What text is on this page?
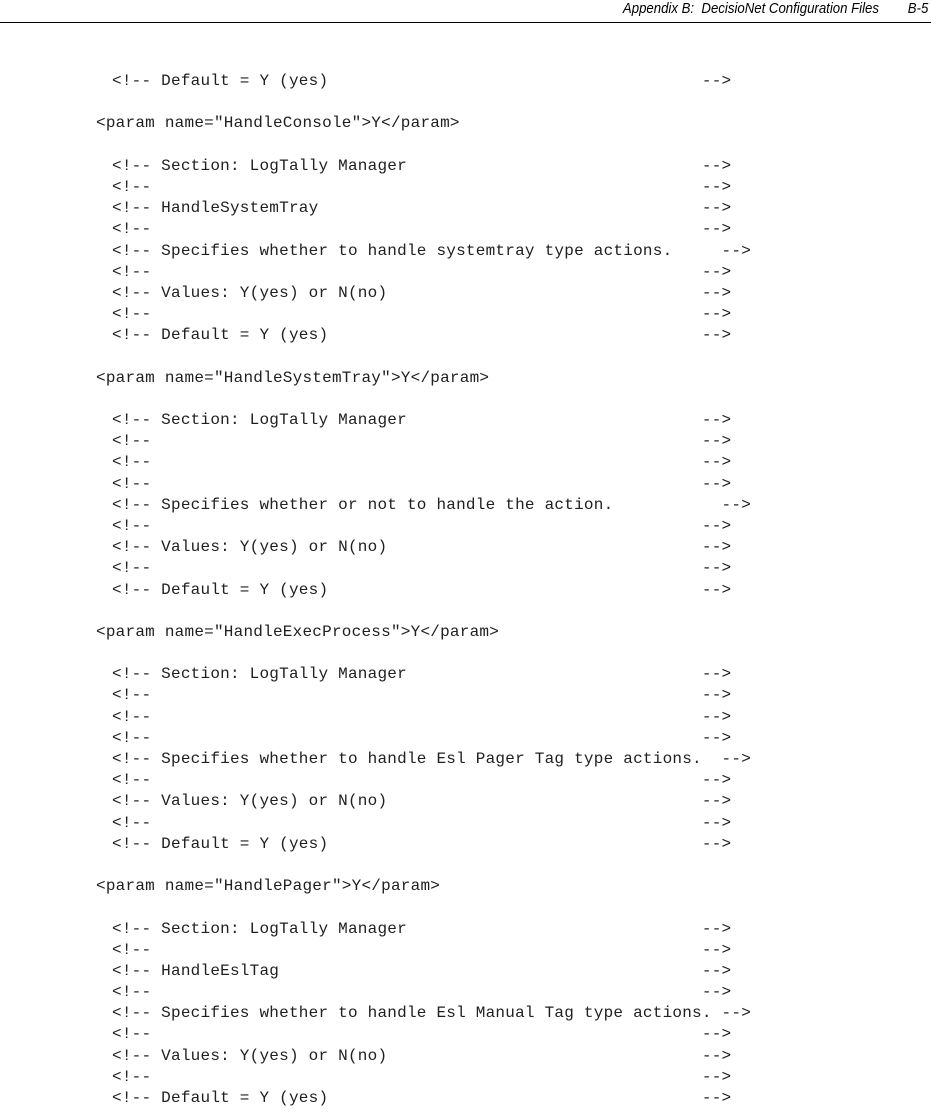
Appendix B:  DecisioNet Configuration Files B-5
<!-- Default = Y (yes)                                      -->
<param name="HandleConsole">Y</param>
<!-- Section: LogTally Manager                              -->
<!--                                                        -->
<!-- HandleSystemTray                                       -->
<!--                                                        -->
<!-- Specifies whether to handle systemtray type actions.     -->
<!--                                                        -->
<!-- Values: Y(yes) or N(no)                                -->
<!--                                                        -->
<!-- Default = Y (yes)                                      -->
<param name="HandleSystemTray">Y</param>
<!-- Section: LogTally Manager                              -->
<!--                                                        -->
<!--                                                        -->
<!--                                                        -->
<!-- Specifies whether or not to handle the action.           -->
<!--                                                        -->
<!-- Values: Y(yes) or N(no)                                -->
<!--                                                        -->
<!-- Default = Y (yes)                                      -->
<param name="HandleExecProcess">Y</param>
<!-- Section: LogTally Manager                              -->
<!--                                                        -->
<!--                                                        -->
<!--                                                        -->
<!-- Specifies whether to handle Esl Pager Tag type actions.  -->
<!--                                                        -->
<!-- Values: Y(yes) or N(no)                                -->
<!--                                                        -->
<!-- Default = Y (yes)                                      -->
<param name="HandlePager">Y</param>
<!-- Section: LogTally Manager                              -->
<!--                                                        -->
<!-- HandleEslTag                                           -->
<!--                                                        -->
<!-- Specifies whether to handle Esl Manual Tag type actions. -->
<!--                                                        -->
<!-- Values: Y(yes) or N(no)                                -->
<!--                                                        -->
<!-- Default = Y (yes)                                      -->
